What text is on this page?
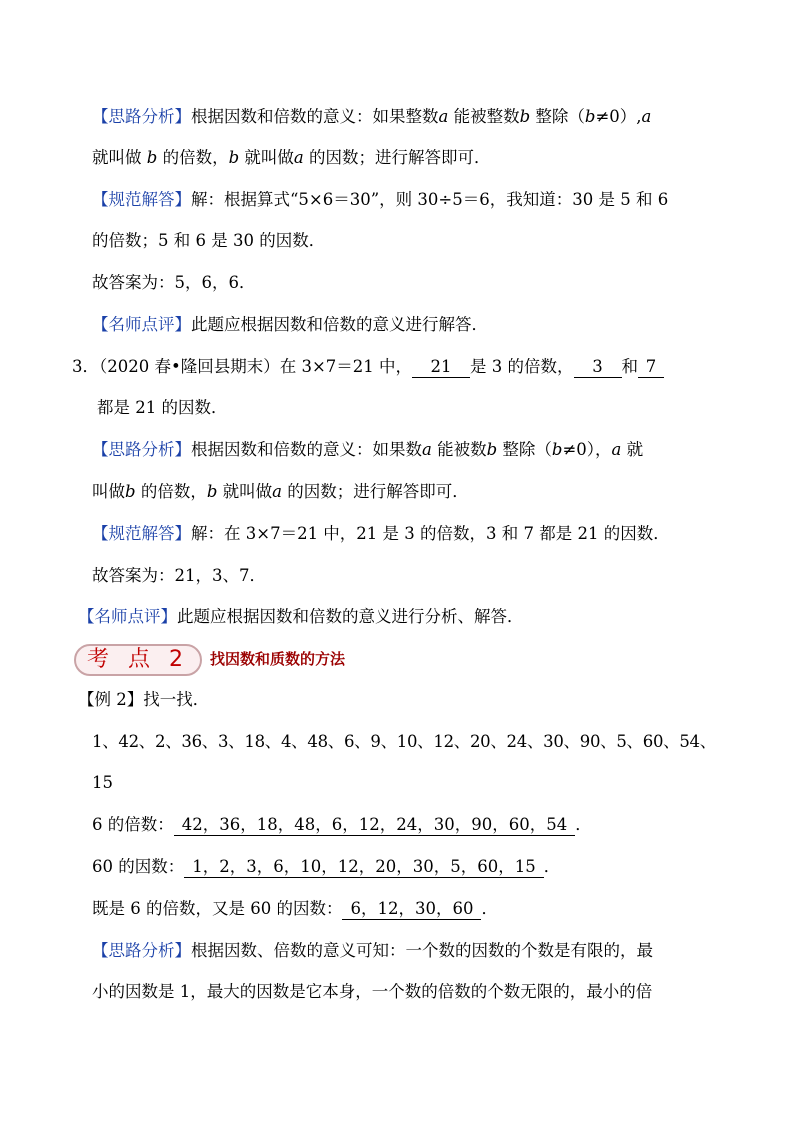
【思路分析】根据因数和倍数的意义：如果整数a 能被整数b 整除（b≠0）,a
就叫做 b 的倍数，b 就叫做a 的因数；进行解答即可．
【规范解答】解：根据算式“5×6＝30”，则 30÷5＝6，我知道：30 是 5 和 6
的倍数；5 和 6 是 30 的因数．
故答案为：5，6，6．
【名师点评】此题应根据因数和倍数的意义进行解答．
3．（2020 春•隆回县期末）在 3×7＝21 中， 21 是 3 的倍数， 3 和 7
都是 21 的因数．
【思路分析】根据因数和倍数的意义：如果数a 能被数b 整除（b≠0），a 就
叫做b 的倍数，b 就叫做a 的因数；进行解答即可．
【规范解答】解：在 3×7＝21 中，21 是 3 的倍数，3 和 7 都是 21 的因数．
故答案为：21，3、7．
【名师点评】此题应根据因数和倍数的意义进行分析、解答．
考 点 2	找因数和质数的方法
【例 2】找一找．
1、42、2、36、3、18、4、48、6、9、10、12、20、24、30、90、5、60、54、
15
6 的倍数： 42，36，18，48，6，12，24，30，90，60，54 ．
60 的因数： 1，2，3，6，10，12，20，30，5，60，15 ．
既是 6 的倍数，又是 60 的因数： 6，12，30，60 ．
【思路分析】根据因数、倍数的意义可知：一个数的因数的个数是有限的，最
小的因数是 1，最大的因数是它本身，一个数的倍数的个数无限的，最小的倍
